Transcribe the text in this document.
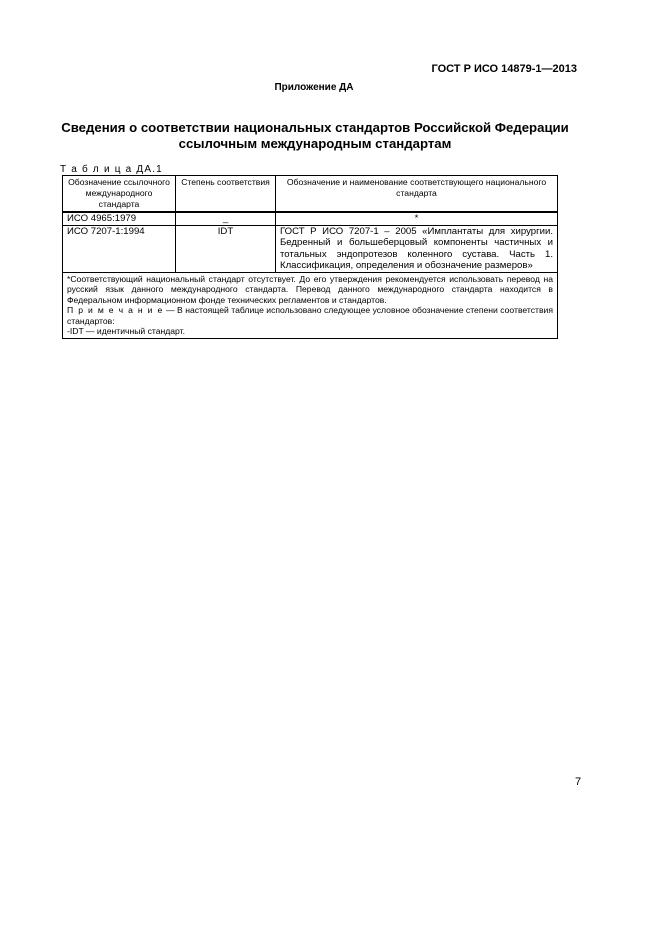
ГОСТ Р ИСО 14879-1—2013
Приложение ДА
Сведения о соответствии национальных стандартов Российской Федерации
ссылочным международным стандартам
Т а б л и ц а ДА.1
Обозначение ссылочного международного стандарта	Степень соответствия	Обозначение и наименование соответствующего национального стандарта
ИСО 4965:1979	_	*
ИСО 7207-1:1994	IDT	ГОСТ Р ИСО 7207-1 – 2005 «Имплантаты для хирургии. Бедренный и большеберцовый компоненты частичных и тотальных эндопротезов коленного сустава. Часть 1. Классификация, определения и обозначение размеров»

*Соответствующий национальный стандарт отсутствует. До его утверждения рекомендуется использовать перевод на русский язык данного международного стандарта. Перевод данного международного стандарта находится в Федеральном информационном фонде технических регламентов и стандартов.
П р и м е ч а н и е — В настоящей таблице использовано следующее условное обозначение степени соответствия стандартов:
-IDT — идентичный стандарт.		
7
